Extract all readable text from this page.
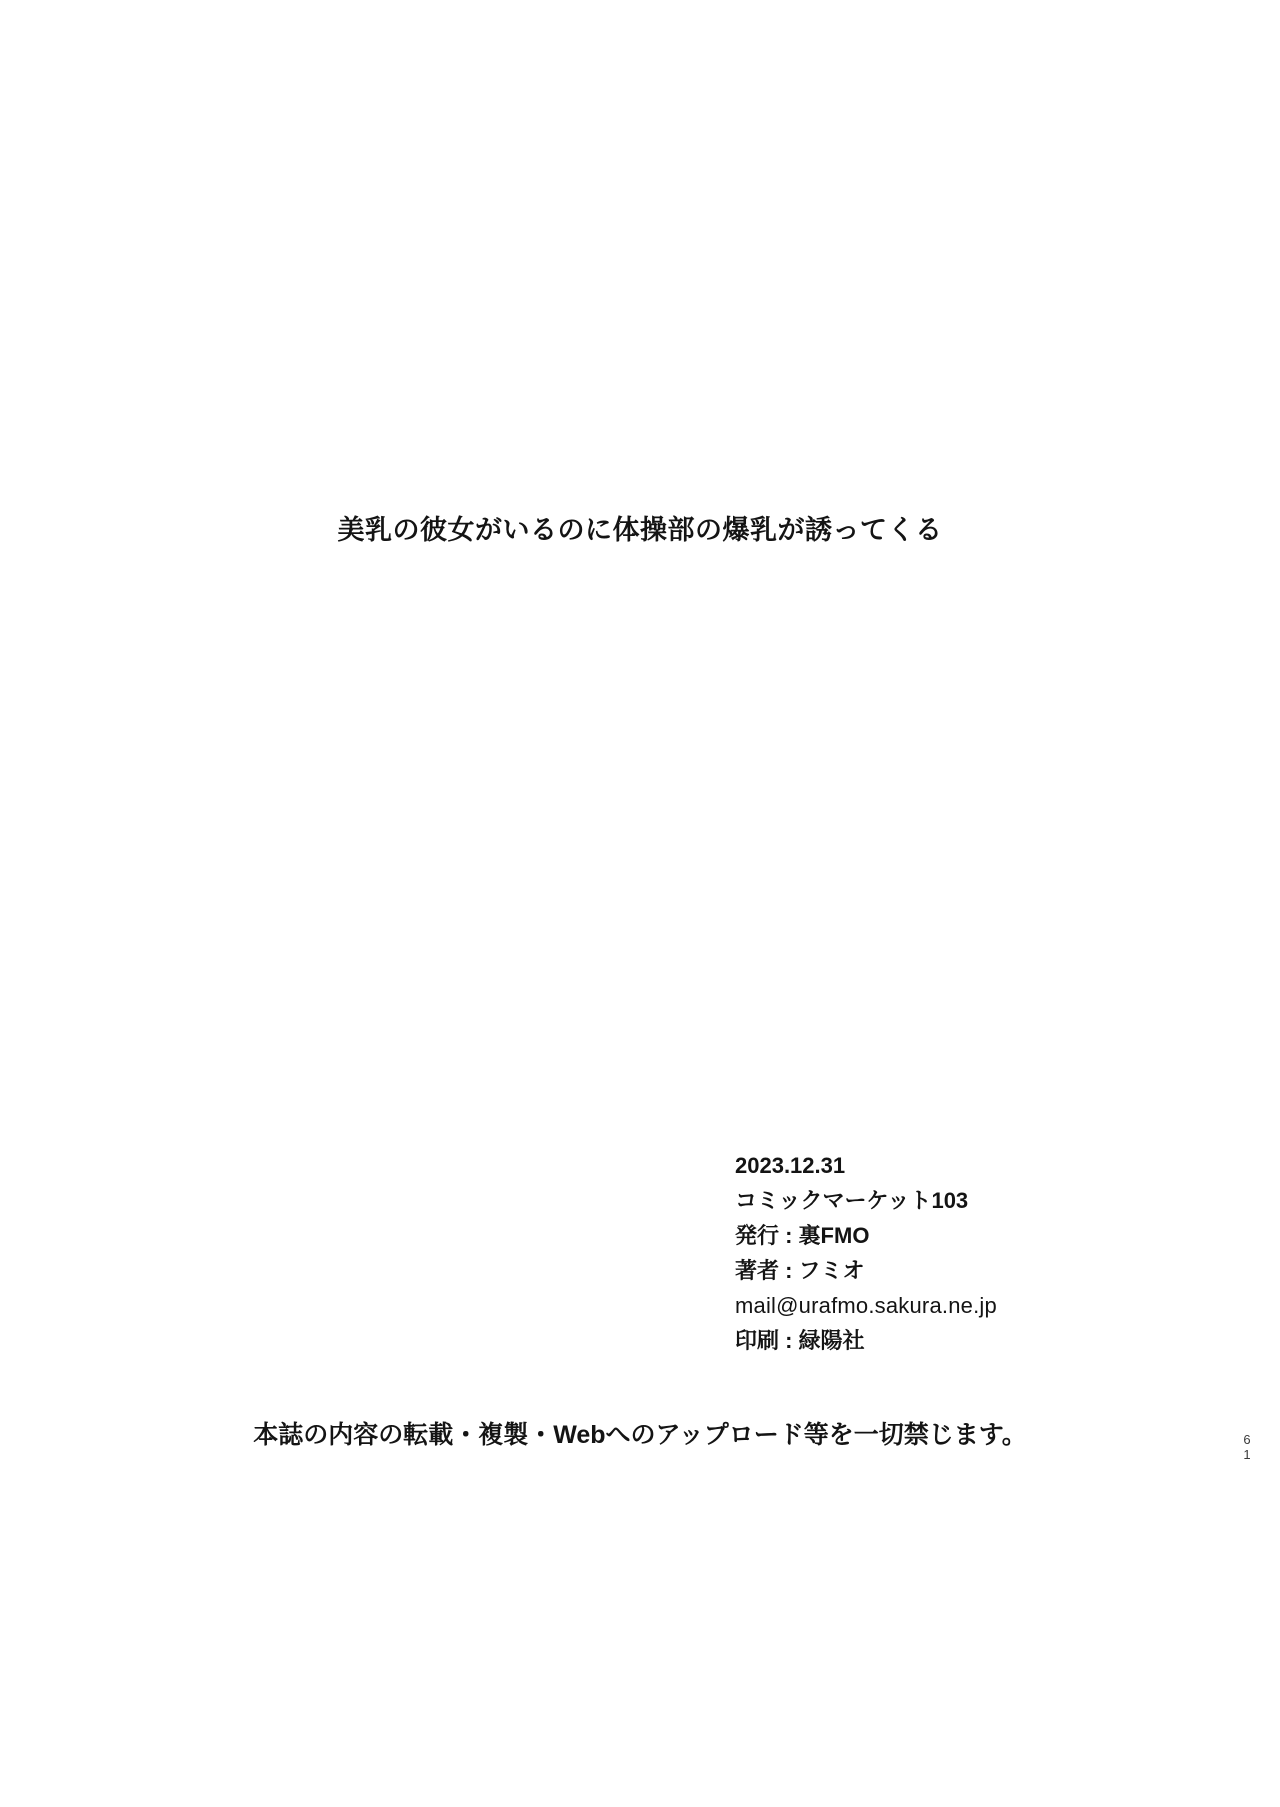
美乳の彼女がいるのに体操部の爆乳が誘ってくる
2023.12.31
コミックマーケット103
発行 : 裏FMO
著者 : フミオ
mail@urafmo.sakura.ne.jp
印刷 : 緑陽社
本誌の内容の転載・複製・Webへのアップロード等を一切禁じます。	6
1
